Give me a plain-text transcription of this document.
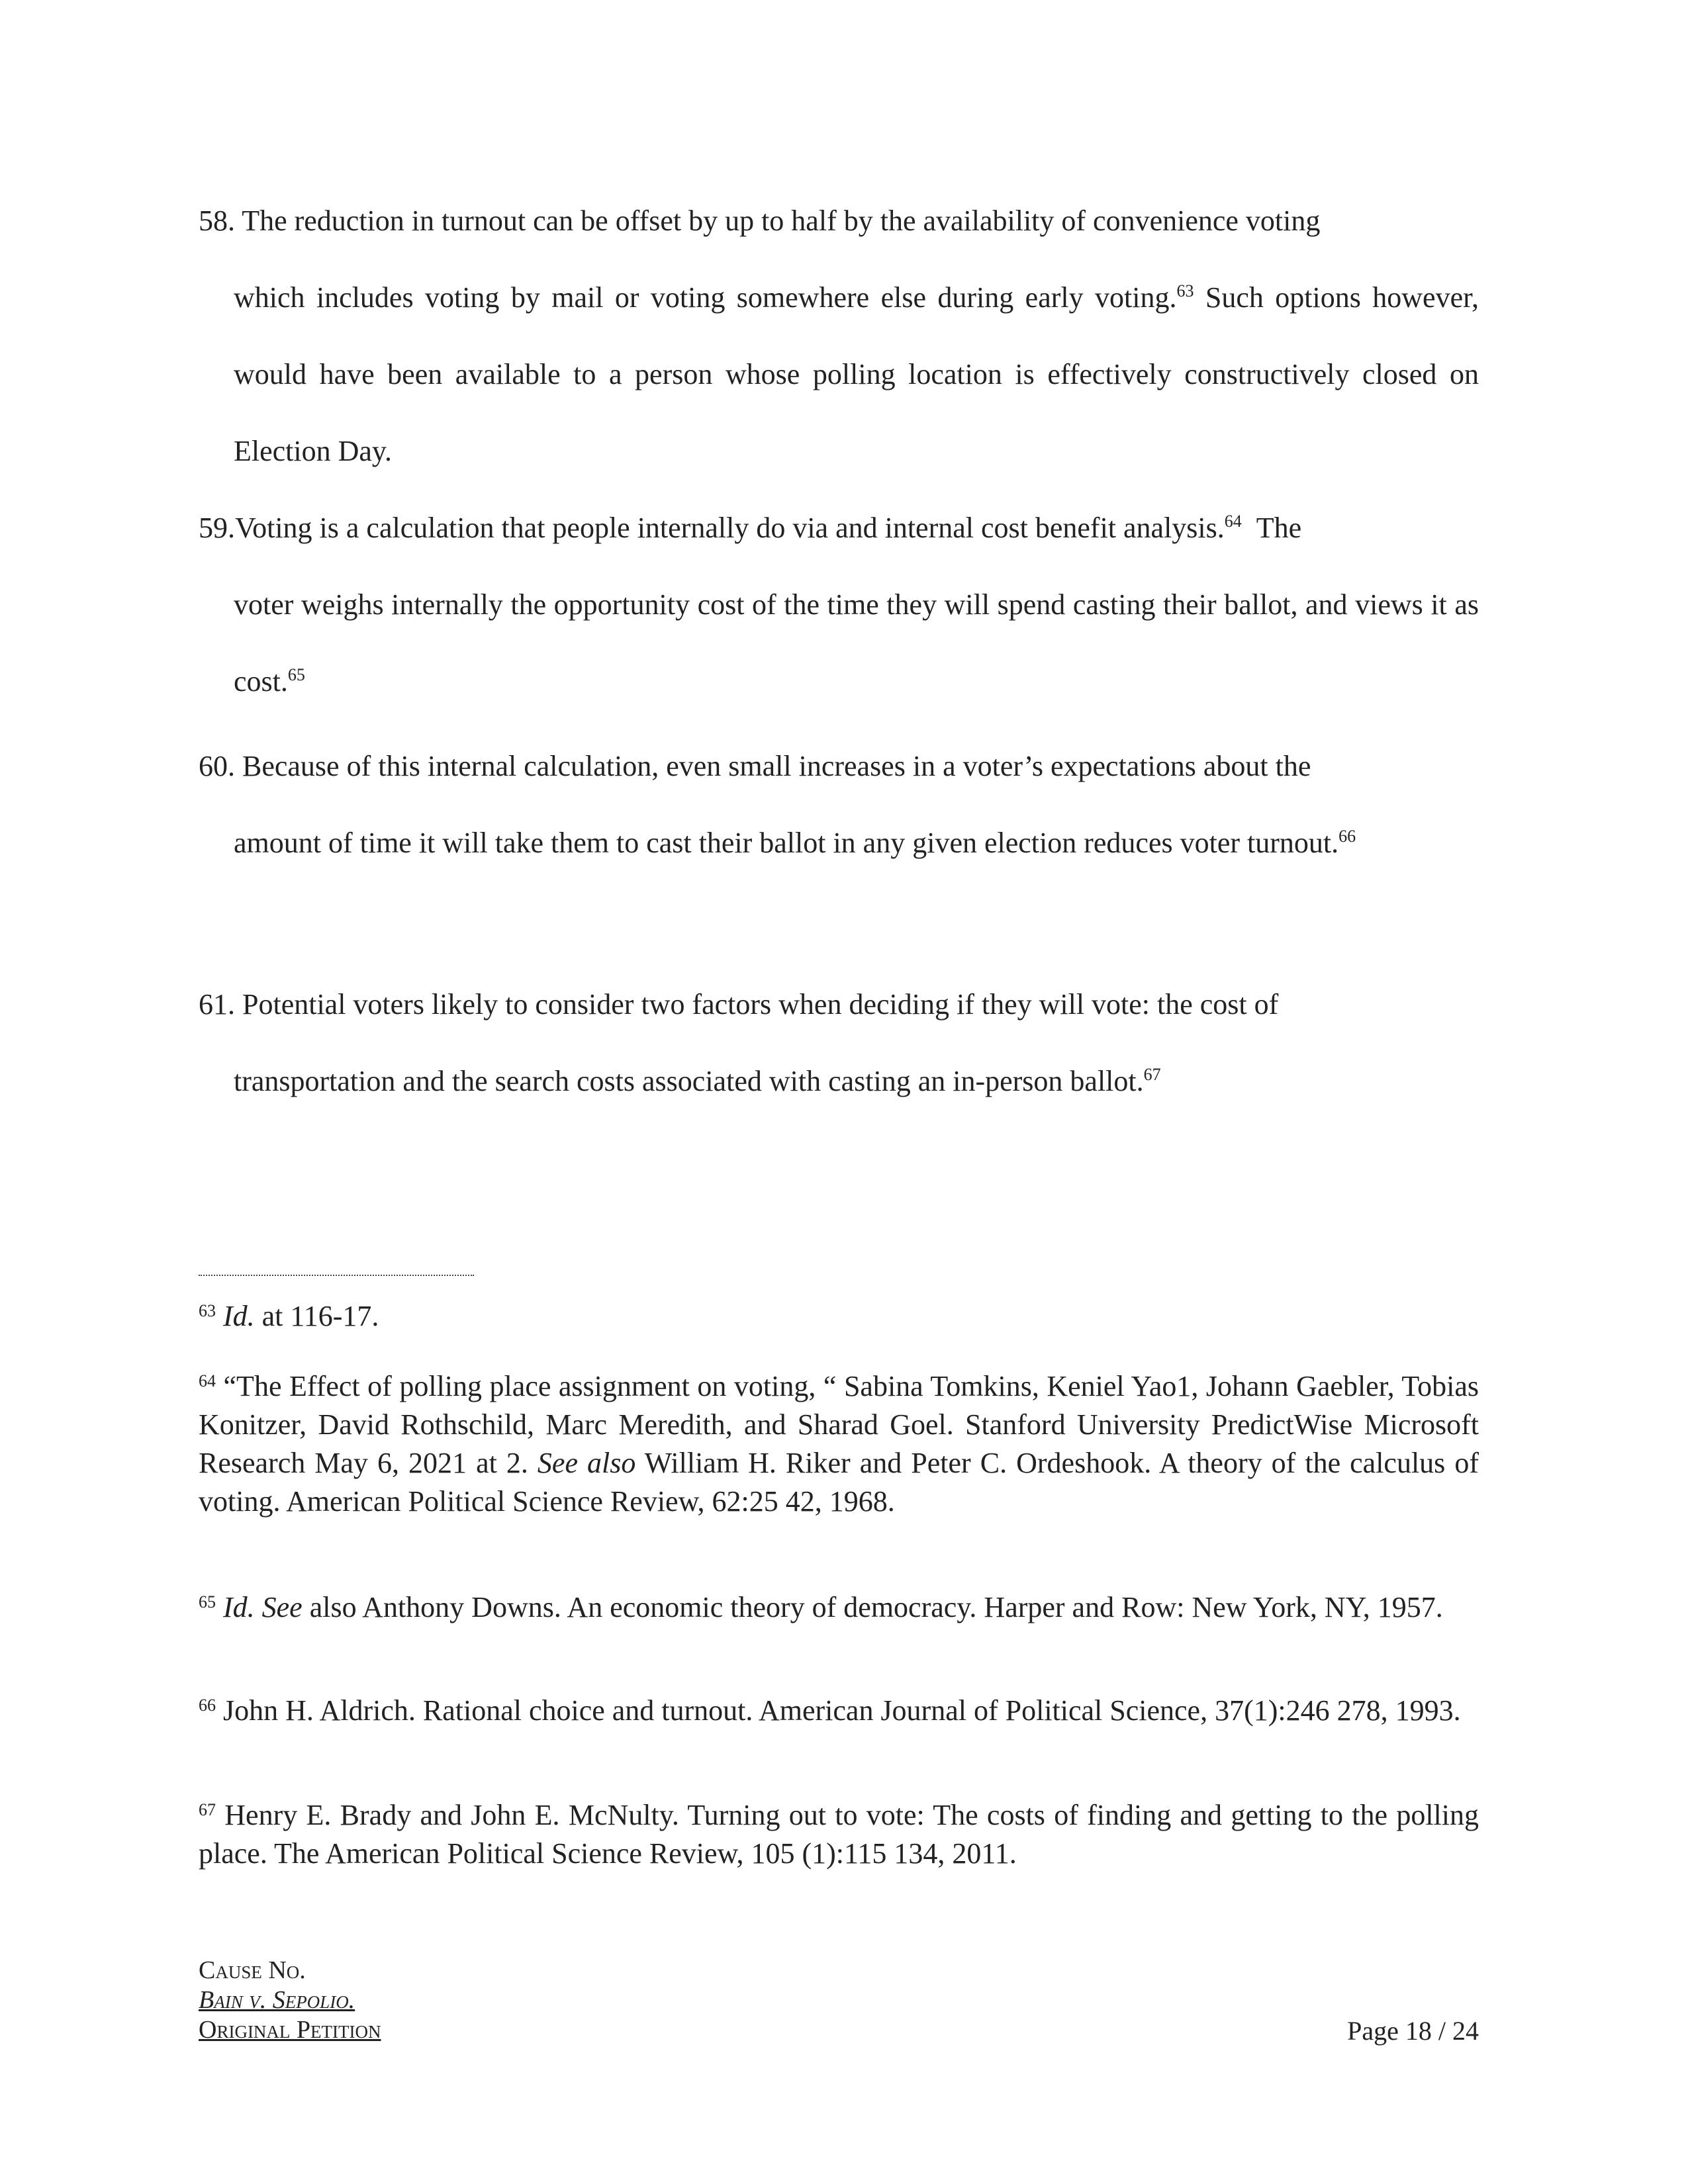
58. The reduction in turnout can be offset by up to half by the availability of convenience voting
which includes voting by mail or voting somewhere else during early voting.$^{63}$ Such options however, would have been available to a person whose polling location is effectively constructively closed on Election Day.
59.Voting is a calculation that people internally do via and internal cost benefit analysis.$^{64}$  The
voter weighs internally the opportunity cost of the time they will spend casting their ballot, and views it as cost.$^{65}$
60. Because of this internal calculation, even small increases in a voter’s expectations about the
amount of time it will take them to cast their ballot in any given election reduces voter turnout.$^{66}$
61. Potential voters likely to consider two factors when deciding if they will vote: the cost of
transportation and the search costs associated with casting an in-person ballot.$^{67}$
$^{63}$ Id. at 116-17.
$^{64}$ “The Effect of polling place assignment on voting, “ Sabina Tomkins, Keniel Yao1, Johann Gaebler, Tobias Konitzer, David Rothschild, Marc Meredith, and Sharad Goel. Stanford University PredictWise Microsoft Research May 6, 2021 at 2. See also William H. Riker and Peter C. Ordeshook. A theory of the calculus of voting. American Political Science Review, 62:25 42, 1968.
$^{65}$ Id. See also Anthony Downs. An economic theory of democracy. Harper and Row: New York, NY, 1957.
$^{66}$ John H. Aldrich. Rational choice and turnout. American Journal of Political Science, 37(1):246 278, 1993.
$^{67}$ Henry E. Brady and John E. McNulty. Turning out to vote: The costs of finding and getting to the polling place. The American Political Science Review, 105 (1):115 134, 2011.
Cause No.
Bain v. Sepolio.
Original Petition	Page 18 / 24
